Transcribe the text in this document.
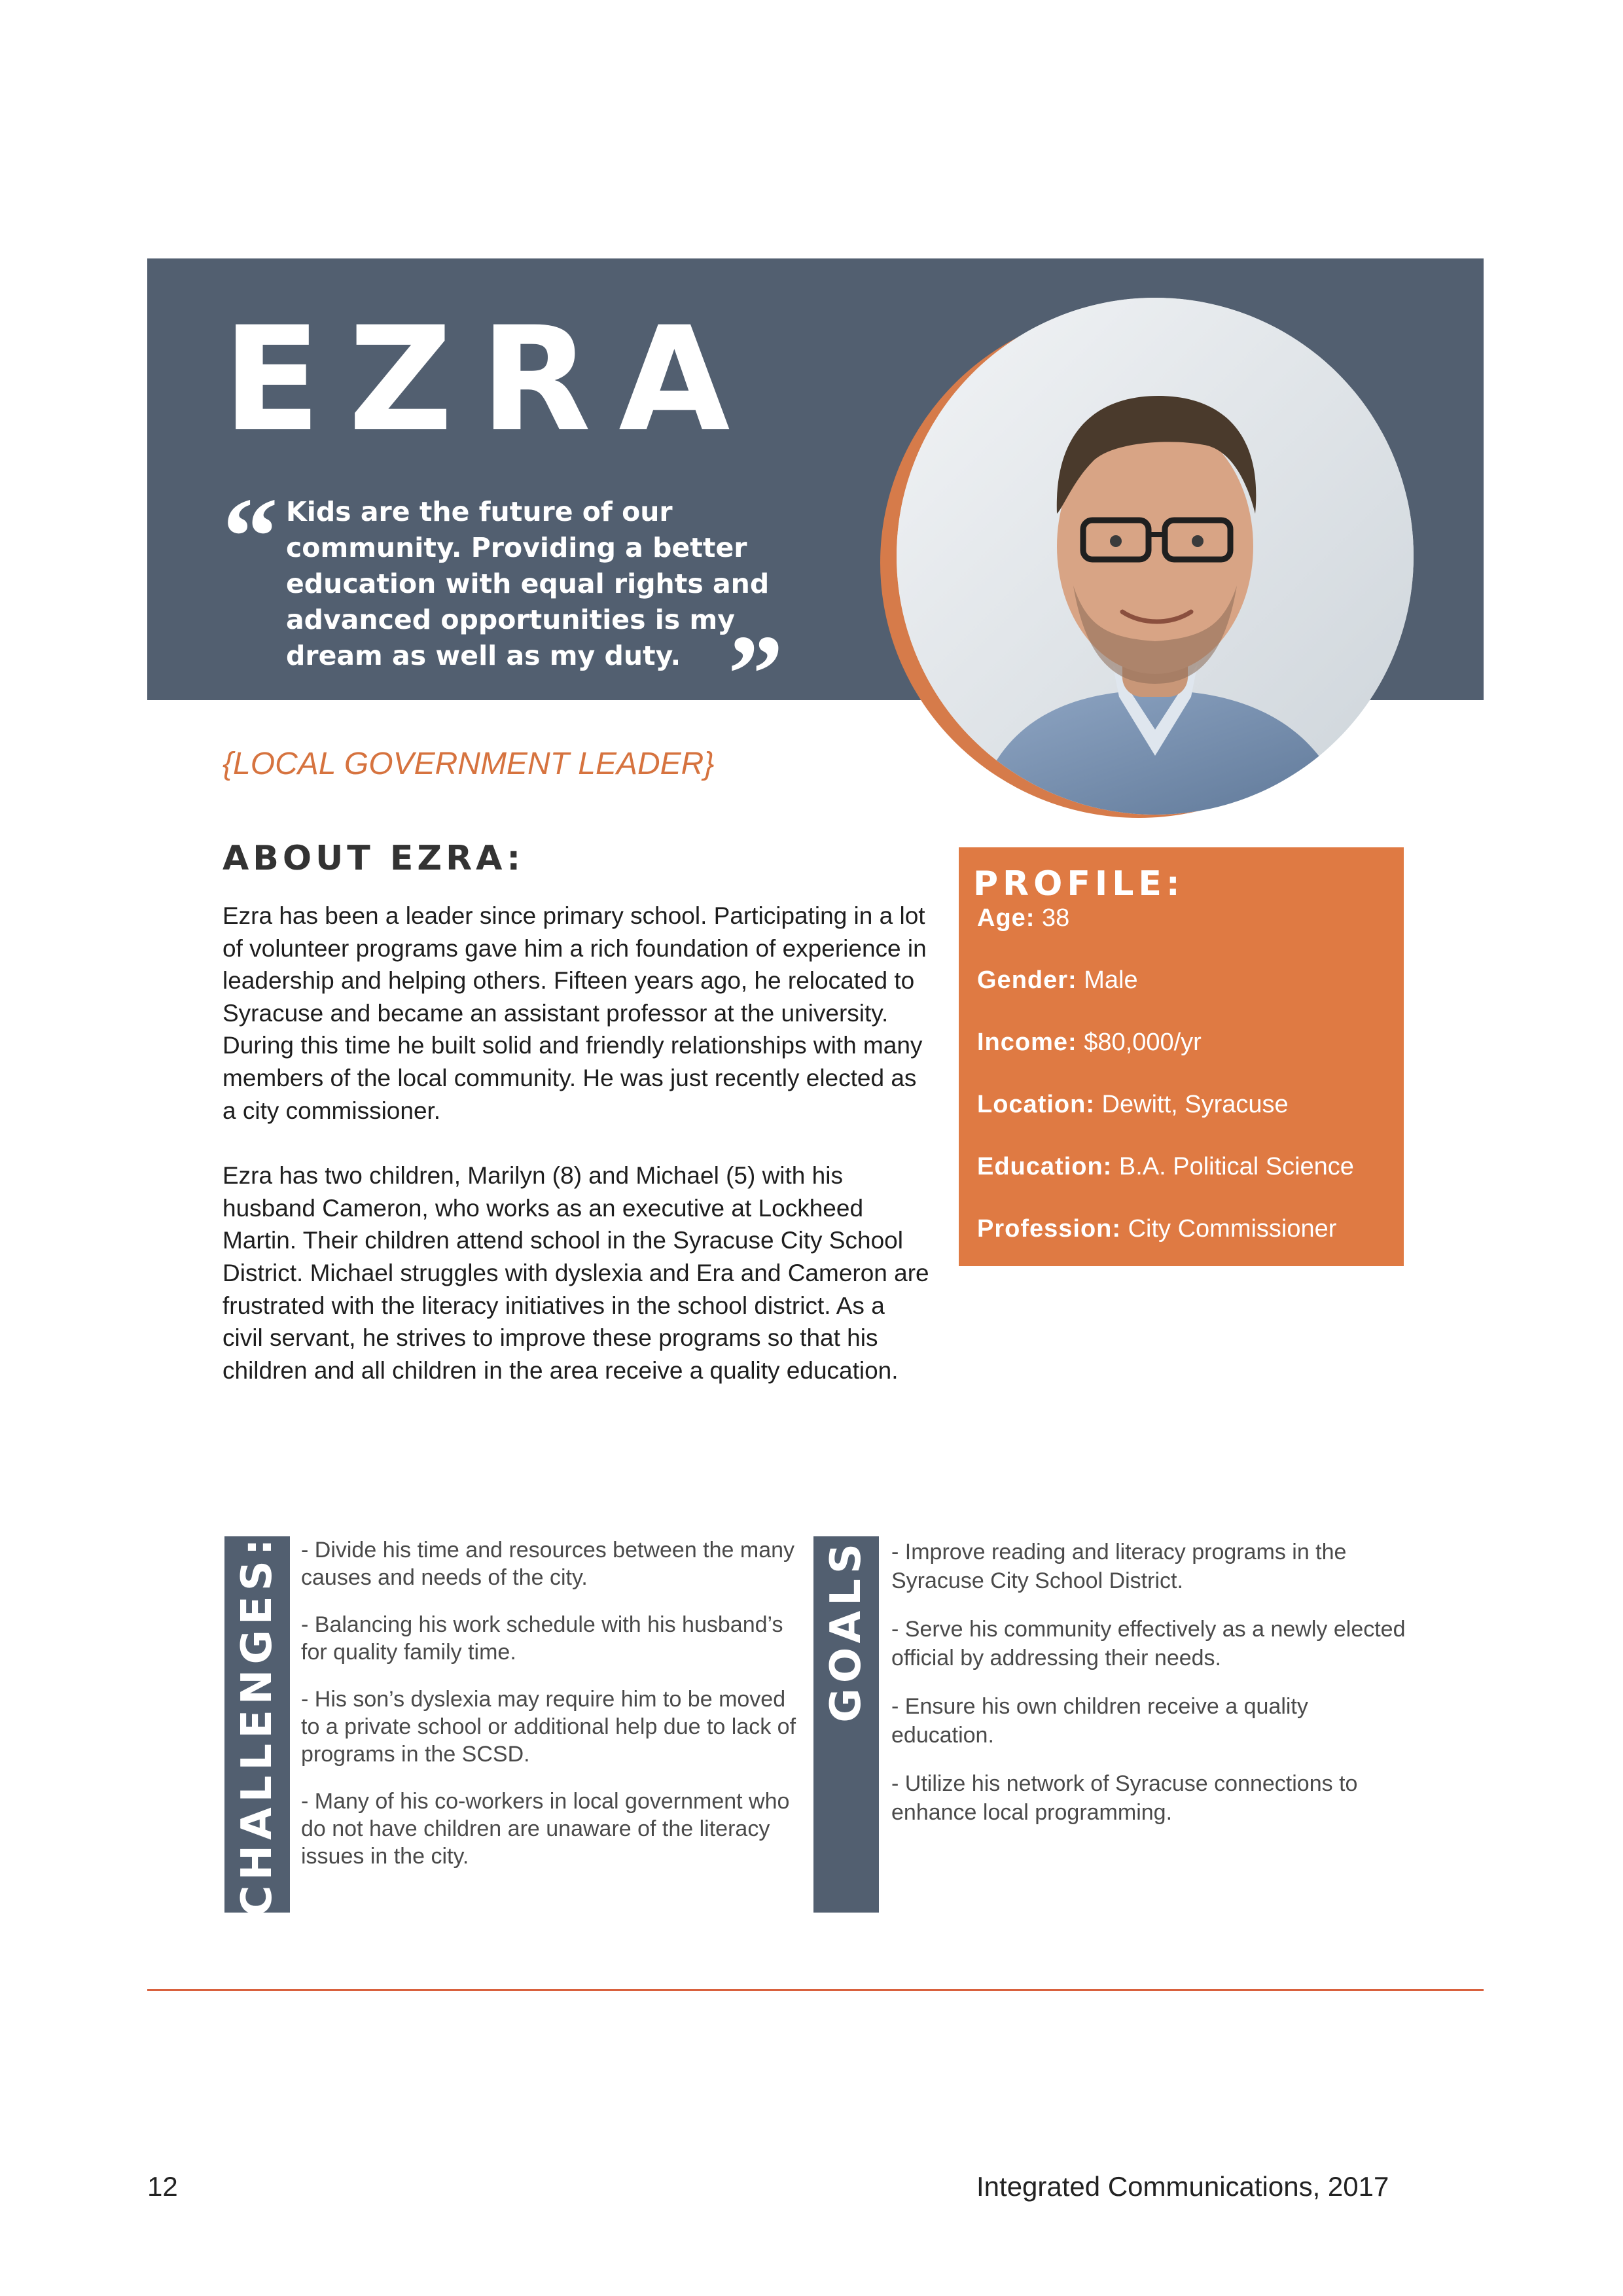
EZRA
“ Kids are the future of our community. Providing a better education with equal rights and advanced opportunities is my dream as well as my duty. ”

{LOCAL GOVERNMENT LEADER}

ABOUT EZRA:

Ezra has been a leader since primary school. Participating in a lot of volunteer programs gave him a rich foundation of experience in leadership and helping others. Fifteen years ago, he relocated to Syracuse and became an assistant professor at the university. During this time he built solid and friendly relationships with many members of the local community. He was just recently elected as a city commissioner.

Ezra has two children, Marilyn (8) and Michael (5) with his husband Cameron, who works as an executive at Lockheed Martin. Their children attend school in the Syracuse City School District. Michael struggles with dyslexia and Era and Cameron are frustrated with the literacy initiatives in the school district. As a civil servant, he strives to improve these programs so that his children and all children in the area receive a quality education.

PROFILE:
Age: 38
Gender: Male
Income: $80,000/yr
Location: Dewitt, Syracuse
Education: B.A. Political Science
Profession: City Commissioner
CHALLENGES: - Divide his time and resources between the many causes and needs of the city.

- Balancing his work schedule with his husband’s for quality family time.

- His son’s dyslexia may require him to be moved to a private school or additional help due to lack of programs in the SCSD.

- Many of his co-workers in local government who do not have children are unaware of the literacy issues in the city.

GOALS: - Improve reading and literacy programs in the Syracuse City School District.

- Serve his community effectively as a newly elected official by addressing their needs.

- Ensure his own children receive a quality education.

- Utilize his network of Syracuse connections to enhance local programming.

12	Integrated Communications, 2017
